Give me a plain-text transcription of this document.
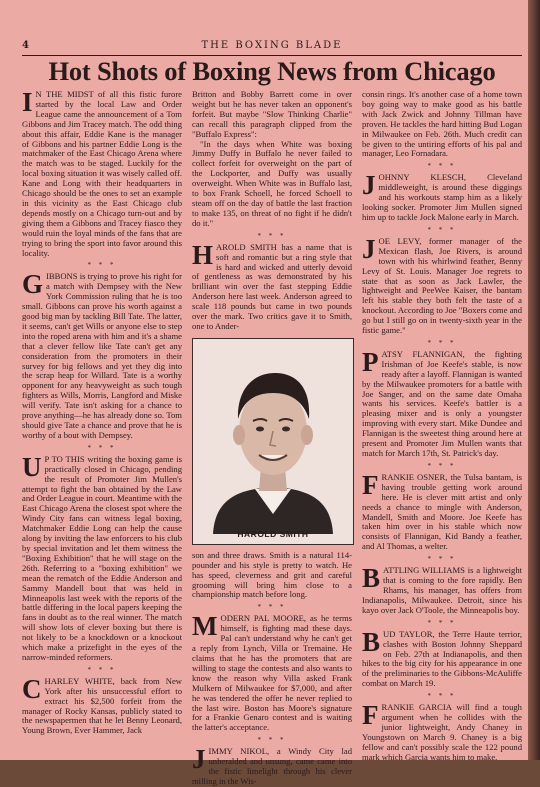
4	THE BOXING BLADE
Hot Shots of Boxing News from Chicago

I N THE MIDST of all this fistic furore started by the local Law and Order League came the announcement of a Tom Gibbons and Jim Tracey match. The odd thing about this affair, Eddie Kane is the manager of Gibbons and his partner Eddie Long is the matchmaker of the East Chicago Arena where the match was to be staged. Luckily for the local boxing situation it was wisely called off. Kane and Long with their headquarters in Chicago should be the ones to set an example in this vicinity as the East Chicago club depends mostly on a Chicago turn-out and by giving them a Gibbons and Tracey fiasco they would ruin the loyal minds of the fans that are trying to bring the sport into favor around this locality.

* * *

GIBBONS is trying to prove his right for a match with Dempsey with the New York Commission ruling that he is too small. Gibbons can prove his worth against a good big man by tackling Bill Tate. The latter, it seems, can't get Wills or anyone else to step into the roped arena with him and it's a shame that a clever fellow like Tate can't get any consideration from the promoters in their survey for big fellows and yet they dig into the scrap heap for Willard. Tate is a worthy opponent for any heavyweight as such tough fighters as Wills, Morris, Langford and Miske will verify. Tate isn't asking for a chance to prove anything—he has already done so. Tom should give Tate a chance and prove that he is worthy of a bout with Dempsey.

* * *

U P TO THIS writing the boxing game is practically closed in Chicago, pending the result of Promoter Jim Mullen's attempt to fight the ban obtained by the Law and Order League in court. Meantime with the East Chicago Arena the closest spot where the Windy City fans can witness legal boxing, Matchmaker Eddie Long can help the cause along by inviting the law enforcers to his club by special invitation and let them witness the "Boxing Exhibition" that he will stage on the 26th. Referring to a "boxing exhibition" we mean the rematch of the Eddie Anderson and Sammy Mandell bout that was held in Minneapolis last week with the reports of the battle differing in the local papers keeping the fans in doubt as to the real winner. The match will show lots of clever boxing but there is not likely to be a knockdown or a knockout which make a prizefight in the eyes of the narrow-minded reformers.

* * *

CHARLEY WHITE, back from New York after his unsuccessful effort to extract his $2,500 forfeit from the manager of Rocky Kansas, publicly stated to the newspapermen that he let Benny Leonard, Young Brown, Ever Hammer, Jack

Britton and Bobby Barrett come in over weight but he has never taken an opponent's forfeit. But maybe "Slow Thinking Charlie" can recall this paragraph clipped from the "Buffalo Express":

"In the days when White was boxing Jimmy Duffy in Buffalo he never failed to collect forfeit for overweight on the part of the Lockporter, and Duffy was usually overweight. When White was in Buffalo last, to box Frank Schoell, he forced Schoell to steam off on the day of battle the last fraction to make 135, on threat of no fight if he didn't do it."

* * *

HAROLD SMITH has a name that is soft and romantic but a ring style that is hard and wicked and utterly devoid of gentleness as was demonstrated by his brilliant win over the fast stepping Eddie Anderson here last week. Anderson agreed to scale 118 pounds but came in two pounds over the mark. Two critics gave it to Smith, one to Ander-

HAROLD SMITH

son and three draws. Smith is a natural 114-pounder and his style is pretty to watch. He has speed, cleverness and grit and careful grooming will bring him close to a championship match before long.

* * *

MODERN PAL MOORE, as he terms himself, is fighting mad these days. Pal can't understand why he can't get a reply from Lynch, Villa or Tremaine. He claims that he has the promoters that are willing to stage the contests and also wants to know the reason why Villa asked Frank Mulkern of Milwaukee for $7,000, and after he was tendered the offer he never replied to the last wire. Boston has Moore's signature for a Frankie Genaro contest and is waiting the latter's acceptance.

* * *

JIMMY NIKOL, a Windy City lad unheralded and unsung, came came into the fistic limelight through his clever milling in the Wis-

consin rings. It's another case of a home town boy going way to make good as his battle with Jack Zwick and Johnny Tillman have proven. He tackles the hard hitting Bud Logan in Milwaukee on Feb. 26th. Much credit can be given to the untiring efforts of his pal and manager, Leo Fornadara.

* * *

JOHNNY KLESCH, Cleveland middleweight, is around these diggings and his workouts stamp him as a likely looking socker. Promoter Jim Mullen signed him up to tackle Jock Malone early in March.

* * *

JOE LEVY, former manager of the Mexican flash, Joe Rivers, is around town with his whirlwind feather, Benny Levy of St. Louis. Manager Joe regrets to state that as soon as Jack Lawler, the lightweight and PeeWee Kaiser, the bantam left his stable they both felt the taste of a knockout. According to Joe "Boxers come and go but I still go on in twenty-sixth year in the fistic game."

* * *

PATSY FLANNIGAN, the fighting Irishman of Joe Keefe's stable, is now ready after a layoff. Flannigan is wanted by the Milwaukee promoters for a battle with Joe Sanger, and on the same date Omaha wants his services. Keefe's battler is a pleasing mixer and is only a youngster improving with every start. Mike Dundee and Flannigan is the sweetest thing around here at present and Promoter Jim Mullen wants that match for March 17th, St. Patrick's day.

* * *

FRANKIE OSNER, the Tulsa bantam, is having trouble getting work around here. He is clever mitt artist and only needs a chance to mingle with Anderson, Mandell, Smith and Moore. Joe Keefe has taken him over in his stable which now consists of Flannigan, Kid Bandy a feather, and Al Thomas, a welter.

* * *

BATTLING WILLIAMS is a lightweight that is coming to the fore rapidly. Ben Rhams, his manager, has offers from Indianapolis, Milwaukee. Detroit, since his kayo over Jack O'Toole, the Minneapolis boy.

* * *

BUD TAYLOR, the Terre Haute terrior, clashes with Boston Johnny Sheppard on Feb. 27th at Indianapolis, and then hikes to the big city for his appearance in one of the preliminaries to the Gibbons-McAuliffe combat on March 19.

* * *

FRANKIE GARCIA will find a tough argument when he collides with the junior lightweight, Andy Chaney in Youngstown on March 9. Chaney is a big fellow and can't possibly scale the 122 pound mark which Garcia wants him to make.
